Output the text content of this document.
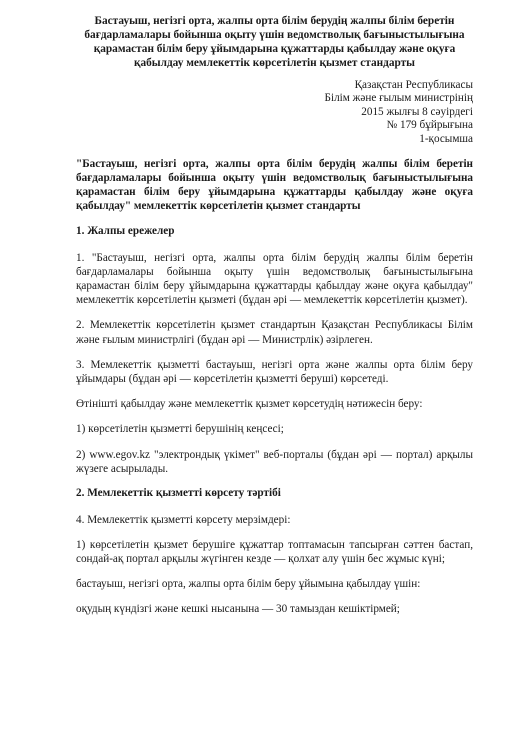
Бастауыш, негізгі орта, жалпы орта білім берудің жалпы білім беретін бағдарламалары бойынша оқыту үшін ведомстволық бағыныстылығына қарамастан білім беру ұйымдарына құжаттарды қабылдау және оқуға қабылдау мемлекеттік көрсетілетін қызмет стандарты
Қазақстан Республикасы
Білім және ғылым министрінің
2015 жылғы 8 сәуірдегі
№ 179 бұйрығына
1-қосымша
"Бастауыш, негізгі орта, жалпы орта білім берудің жалпы білім беретін бағдарламалары бойынша оқыту үшін ведомстволық бағыныстылығына қарамастан білім беру ұйымдарына құжаттарды қабылдау және оқуға қабылдау" мемлекеттік көрсетілетін қызмет стандарты
1. Жалпы ережелер
1. "Бастауыш, негізгі орта, жалпы орта білім берудің жалпы білім беретін бағдарламалары бойынша оқыту үшін ведомстволық бағыныстылығына қарамастан білім беру ұйымдарына құжаттарды қабылдау және оқуға қабылдау" мемлекеттік көрсетілетін қызметі (бұдан әрі — мемлекеттік көрсетілетін қызмет).
2. Мемлекеттік көрсетілетін қызмет стандартын Қазақстан Республикасы Білім және ғылым министрлігі (бұдан әрі — Министрлік) әзірлеген.
3. Мемлекеттік қызметті бастауыш, негізгі орта және жалпы орта білім беру ұйымдары (бұдан әрі — көрсетілетін қызметті беруші) көрсетеді.
Өтінішті қабылдау және мемлекеттік қызмет көрсетудің нәтижесін беру:
1) көрсетілетін қызметті берушінің кеңсесі;
2) www.egov.kz "электрондық үкімет" веб-порталы (бұдан әрі — портал) арқылы жүзеге асырылады.
2. Мемлекеттік қызметті көрсету тәртібі
4. Мемлекеттік қызметті көрсету мерзімдері:
1) көрсетілетін қызмет берушіге құжаттар топтамасын тапсырған сәттен бастап, сондай-ақ портал арқылы жүгінген кезде — қолхат алу үшін бес жұмыс күні;
бастауыш, негізгі орта, жалпы орта білім беру ұйымына қабылдау үшін:
оқудың күндізгі және кешкі нысанына — 30 тамыздан кешіктірмей;
